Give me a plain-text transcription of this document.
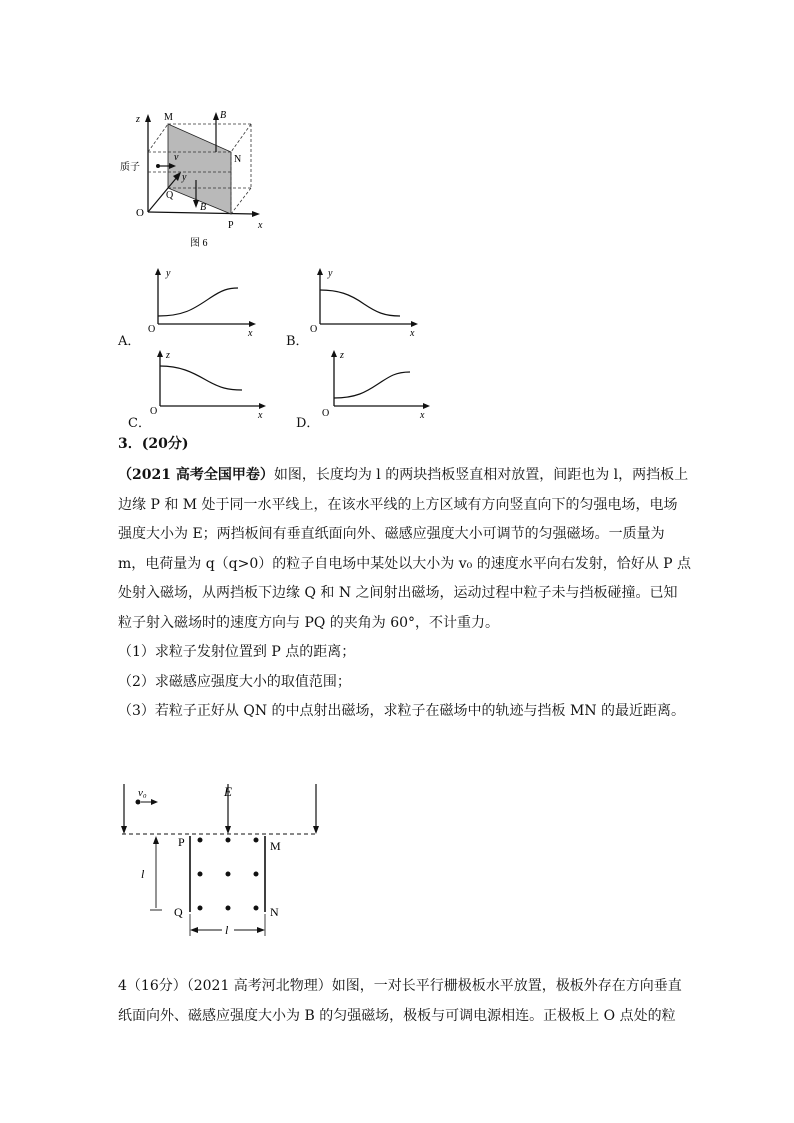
z
x
y
O
M
N
P
Q
B
B
v
质子
图 6
A．
y
O	x
B．
y
O	x
C．
z
O	x
D．
z
O	x
3．(20分)
（2021 高考全国甲卷）如图，长度均为 l 的两块挡板竖直相对放置，间距也为 l，两挡板上
边缘 P 和 M 处于同一水平线上，在该水平线的上方区域有方向竖直向下的匀强电场，电场
强度大小为 E；两挡板间有垂直纸面向外、磁感应强度大小可调节的匀强磁场。一质量为
m，电荷量为 q（q>0）的粒子自电场中某处以大小为 v₀ 的速度水平向右发射，恰好从 P 点
处射入磁场，从两挡板下边缘 Q 和 N 之间射出磁场，运动过程中粒子未与挡板碰撞。已知
粒子射入磁场时的速度方向与 PQ 的夹角为 60°，不计重力。
（1）求粒子发射位置到 P 点的距离；
（2）求磁感应强度大小的取值范围；
（3）若粒子正好从 QN 的中点射出磁场，求粒子在磁场中的轨迹与挡板 MN 的最近距离。
v₀	E
P	M
Q	N
l
l
4（16分）（2021 高考河北物理）如图，一对长平行栅极板水平放置，极板外存在方向垂直
纸面向外、磁感应强度大小为 B 的匀强磁场，极板与可调电源相连。正极板上 O 点处的粒
